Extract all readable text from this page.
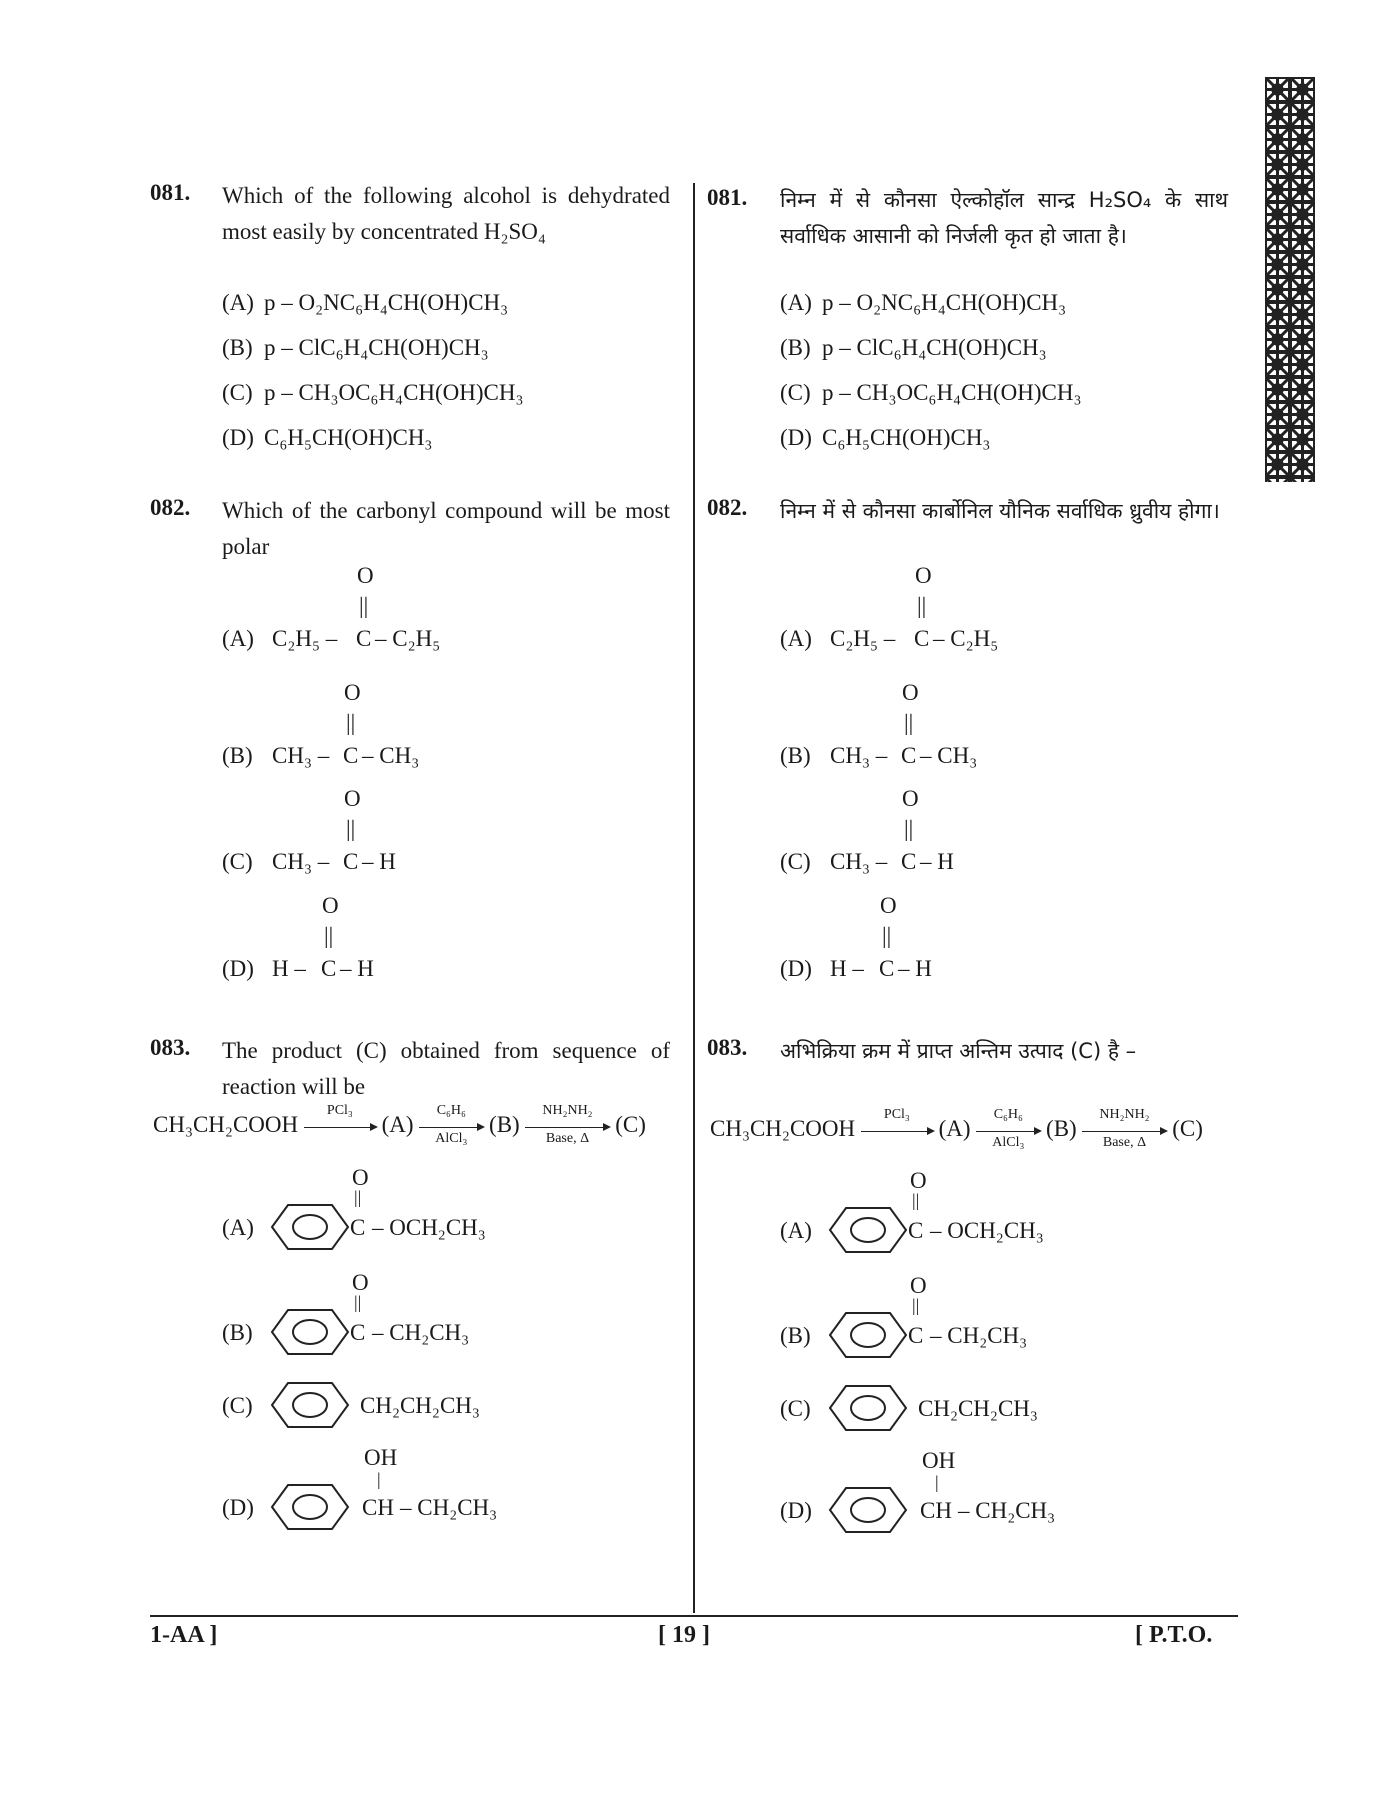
081. Which of the following alcohol is dehydrated most easily by concentrated H₂SO₄
(A) p – O₂NC₆H₄CH(OH)CH₃
(B) p – ClC₆H₄CH(OH)CH₃
(C) p – CH₃OC₆H₄CH(OH)CH₃
(D) C₆H₅CH(OH)CH₃
082. Which of the carbonyl compound will be most polar
O
||
(A) C₂H₅ – C – C₂H₅
O
||
(B) CH₃ – C – CH₃
O
||
(C) CH₃ – C – H
O
||
(D) H – C – H
083. The product (C) obtained from sequence of reaction will be
CH₃CH₂COOH
PCl₃
(A)
C₆H₆
AlCl₃
(B)
NH₂NH₂
Base, Δ
(C)
O
||
(A)	C – OCH₂CH₃
O
||
(B)	C – CH₂CH₃
(C)	CH₂CH₂CH₃
OH
|
(D)	CH – CH₂CH₃
081. निम्न में से कौनसा ऐल्कोहॉल सान्द्र H₂SO₄ के साथ सर्वाधिक आसानी को निर्जली कृत हो जाता है।
(A) p – O₂NC₆H₄CH(OH)CH₃
(B) p – ClC₆H₄CH(OH)CH₃
(C) p – CH₃OC₆H₄CH(OH)CH₃
(D) C₆H₅CH(OH)CH₃
082. निम्न में से कौनसा कार्बोनिल यौनिक सर्वाधिक ध्रुवीय होगा।
O
||
(A) C₂H₅ – C – C₂H₅
O
||
(B) CH₃ – C – CH₃
O
||
(C) CH₃ – C – H
O
||
(D) H – C – H
083. अभिक्रिया क्रम में प्राप्त अन्तिम उत्पाद (C) है –
CH₃CH₂COOH
PCl₃
(A)
C₆H₆
AlCl₃
(B)
NH₂NH₂
Base, Δ
(C)
O
||
(A)	C – OCH₂CH₃
O
||
(B)	C – CH₂CH₃
(C)	CH₂CH₂CH₃
OH
|
(D)	CH – CH₂CH₃
1-AA ]	[ 19 ]	[ P.T.O.
